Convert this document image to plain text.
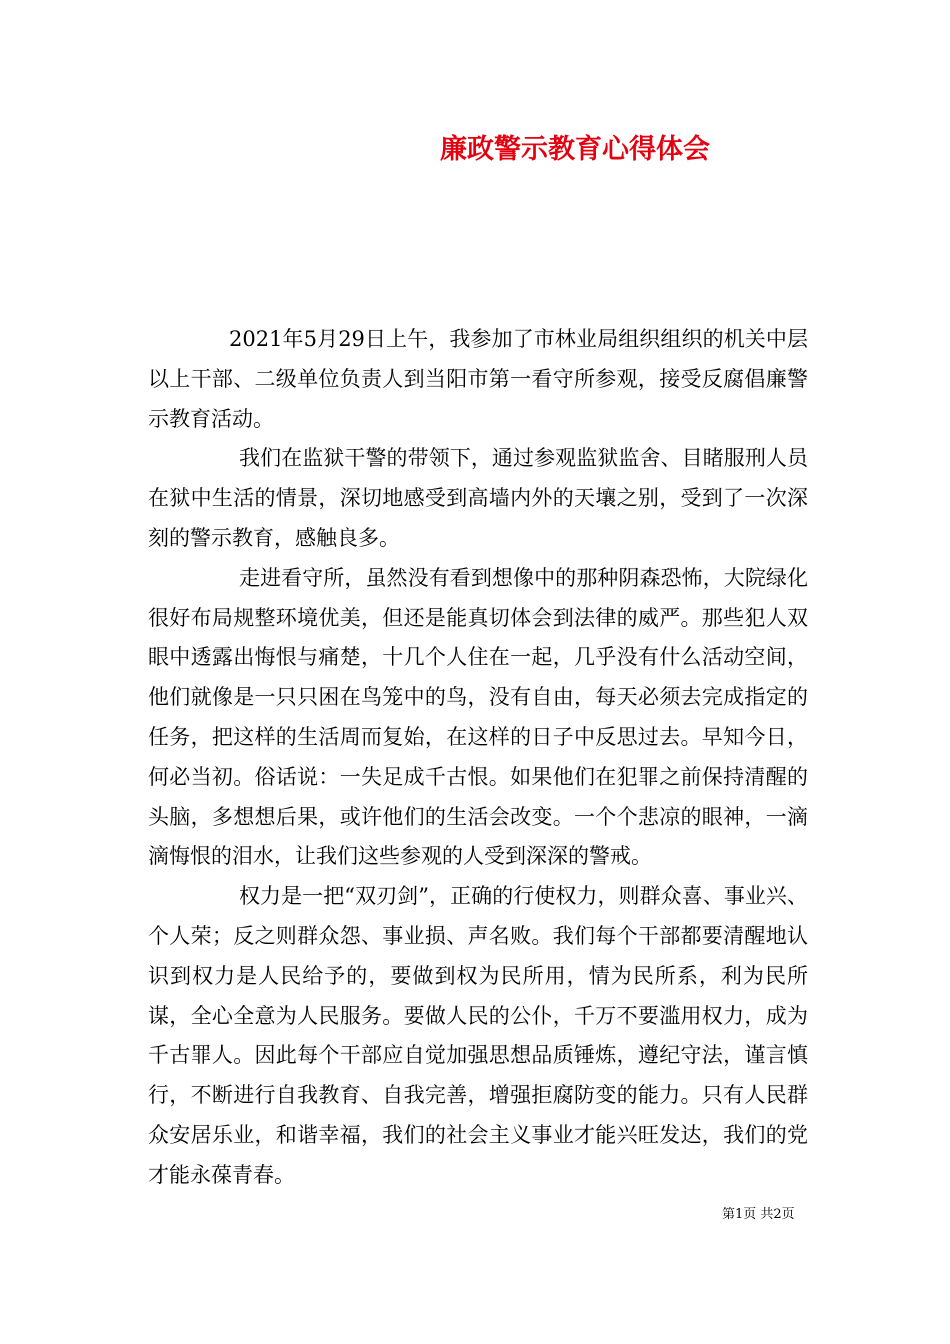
廉政警示教育心得体会

2021年5月29日上午，我参加了市林业局组织组织的机关中层以上干部、二级单位负责人到当阳市第一看守所参观，接受反腐倡廉警示教育活动。

我们在监狱干警的带领下，通过参观监狱监舍、目睹服刑人员在狱中生活的情景，深切地感受到高墙内外的天壤之别，受到了一次深刻的警示教育，感触良多。

走进看守所，虽然没有看到想像中的那种阴森恐怖，大院绿化很好布局规整环境优美，但还是能真切体会到法律的威严。那些犯人双眼中透露出悔恨与痛楚，十几个人住在一起，几乎没有什么活动空间，他们就像是一只只困在鸟笼中的鸟，没有自由，每天必须去完成指定的任务，把这样的生活周而复始，在这样的日子中反思过去。早知今日，何必当初。俗话说：一失足成千古恨。如果他们在犯罪之前保持清醒的头脑，多想想后果，或许他们的生活会改变。一个个悲凉的眼神，一滴滴悔恨的泪水，让我们这些参观的人受到深深的警戒。

权力是一把“双刃剑”，正确的行使权力，则群众喜、事业兴、个人荣；反之则群众怨、事业损、声名败。我们每个干部都要清醒地认识到权力是人民给予的，要做到权为民所用，情为民所系，利为民所谋，全心全意为人民服务。要做人民的公仆，千万不要滥用权力，成为千古罪人。因此每个干部应自觉加强思想品质锤炼，遵纪守法，谨言慎行，不断进行自我教育、自我完善，增强拒腐防变的能力。只有人民群众安居乐业，和谐幸福，我们的社会主义事业才能兴旺发达，我们的党才能永葆青春。

第1页 共2页
